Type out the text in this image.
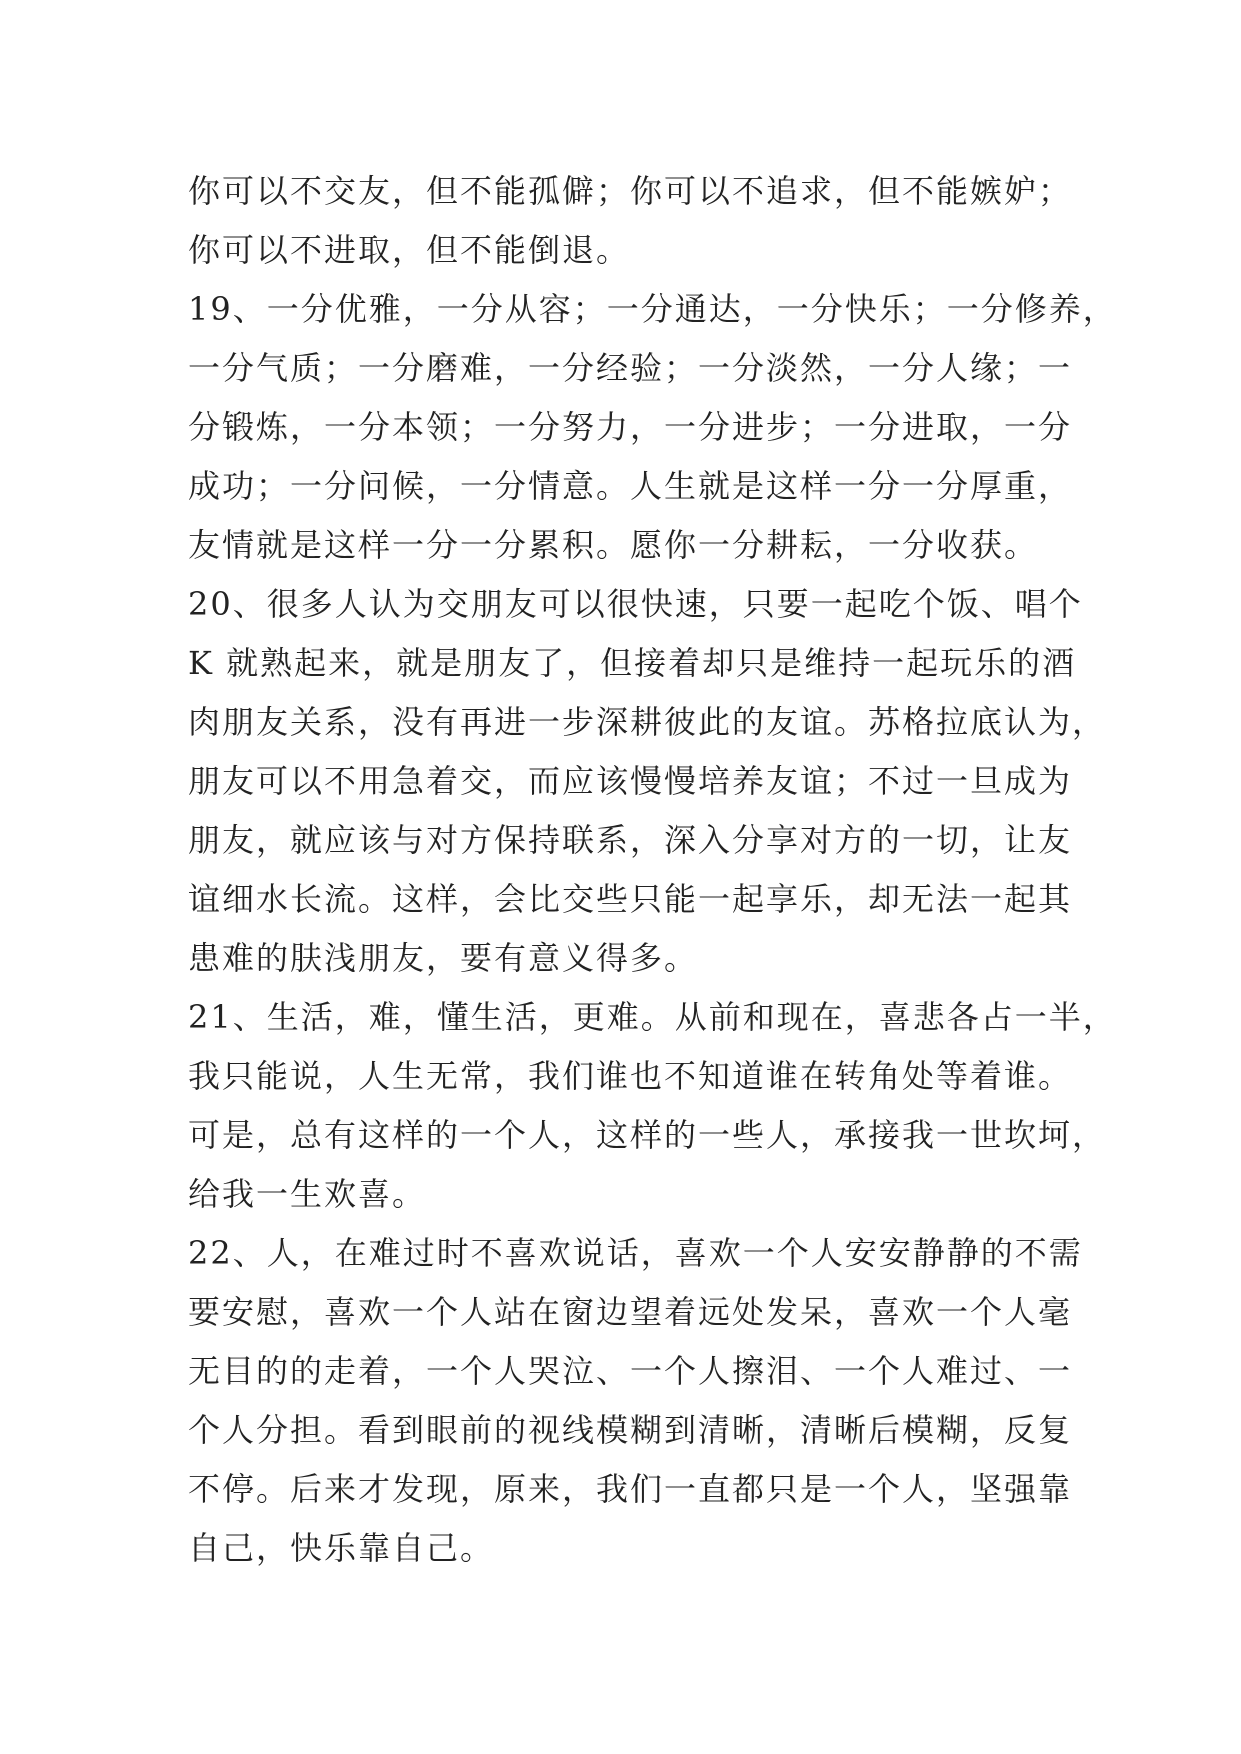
你可以不交友，但不能孤僻；你可以不追求，但不能嫉妒；
你可以不进取，但不能倒退。
19、一分优雅，一分从容；一分通达，一分快乐；一分修养，
一分气质；一分磨难，一分经验；一分淡然，一分人缘；一
分锻炼，一分本领；一分努力，一分进步；一分进取，一分
成功；一分问候，一分情意。人生就是这样一分一分厚重，
友情就是这样一分一分累积。愿你一分耕耘，一分收获。
20、很多人认为交朋友可以很快速，只要一起吃个饭、唱个
K 就熟起来，就是朋友了，但接着却只是维持一起玩乐的酒
肉朋友关系，没有再进一步深耕彼此的友谊。苏格拉底认为，
朋友可以不用急着交，而应该慢慢培养友谊；不过一旦成为
朋友，就应该与对方保持联系，深入分享对方的一切，让友
谊细水长流。这样，会比交些只能一起享乐，却无法一起其
患难的肤浅朋友，要有意义得多。
21、生活，难，懂生活，更难。从前和现在，喜悲各占一半，
我只能说，人生无常，我们谁也不知道谁在转角处等着谁。
可是，总有这样的一个人，这样的一些人，承接我一世坎坷，
给我一生欢喜。
22、人，在难过时不喜欢说话，喜欢一个人安安静静的不需
要安慰，喜欢一个人站在窗边望着远处发呆，喜欢一个人毫
无目的的走着，一个人哭泣、一个人擦泪、一个人难过、一
个人分担。看到眼前的视线模糊到清晰，清晰后模糊，反复
不停。后来才发现，原来，我们一直都只是一个人，坚强靠
自己，快乐靠自己。
